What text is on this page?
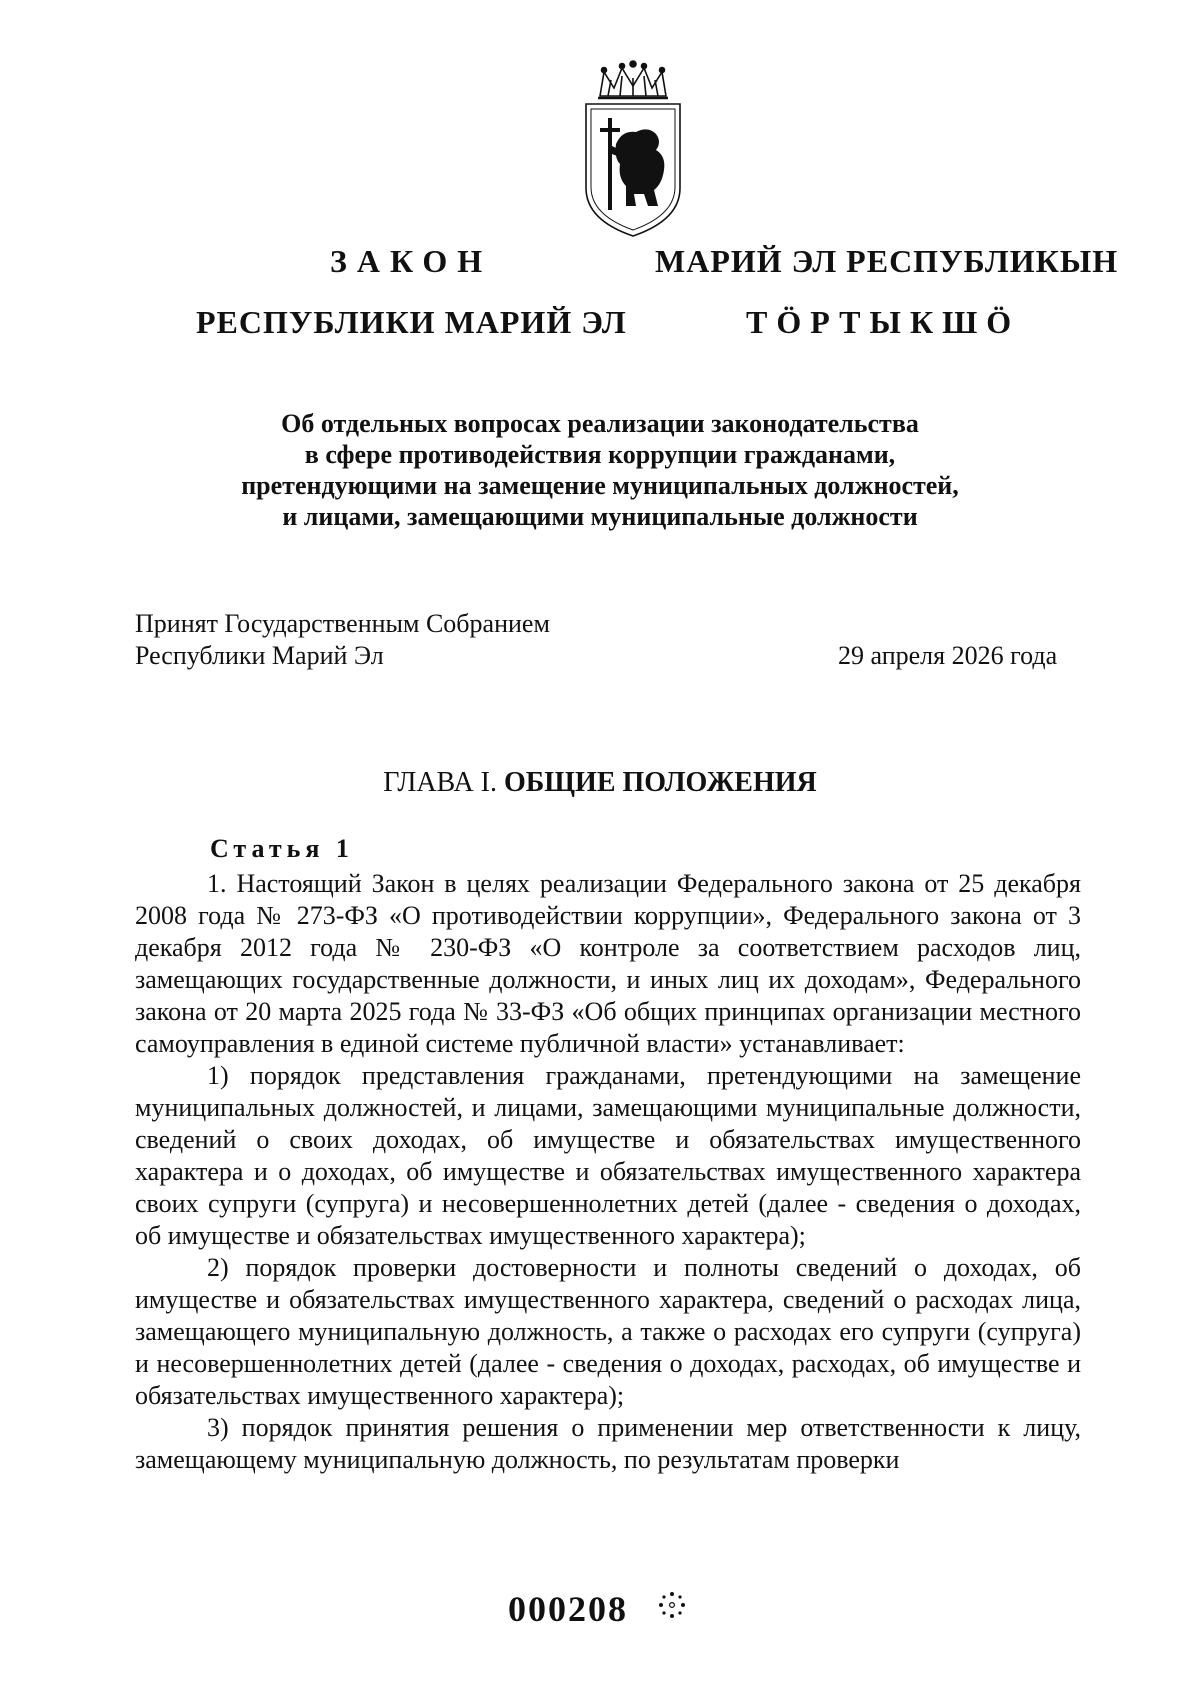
ЗАКОН
РЕСПУБЛИКИ МАРИЙ ЭЛ
МАРИЙ ЭЛ РЕСПУБЛИКЫН
ТӦРТЫКШӦ
Об отдельных вопросах реализации законодательства
в сфере противодействия коррупции гражданами,
претендующими на замещение муниципальных должностей,
и лицами, замещающими муниципальные должности
Принят Государственным Собранием
Республики Марий Эл	29 апреля 2026 года
ГЛАВА I. ОБЩИЕ ПОЛОЖЕНИЯ
Статья 1

1. Настоящий Закон в целях реализации Федерального закона от 25 декабря 2008 года № 273-ФЗ «О противодействии коррупции», Федерального закона от 3 декабря 2012 года № 230-ФЗ «О контроле за соответствием расходов лиц, замещающих государственные должности, и иных лиц их доходам», Федерального закона от 20 марта 2025 года № 33-ФЗ «Об общих принципах организации местного самоуправления в единой системе публичной власти» устанавливает:

1) порядок представления гражданами, претендующими на замещение муниципальных должностей, и лицами, замещающими муниципальные должности, сведений о своих доходах, об имуществе и обязательствах имущественного характера и о доходах, об имуществе и обязательствах имущественного характера своих супруги (супруга) и несовершеннолетних детей (далее - сведения о доходах, об имуществе и обязательствах имущественного характера);

2) порядок проверки достоверности и полноты сведений о доходах, об имуществе и обязательствах имущественного характера, сведений о расходах лица, замещающего муниципальную должность, а также о расходах его супруги (супруга) и несовершеннолетних детей (далее - сведения о доходах, расходах, об имуществе и обязательствах имущественного характера);

3) порядок принятия решения о применении мер ответственности к лицу, замещающему муниципальную должность, по результатам проверки

000208
